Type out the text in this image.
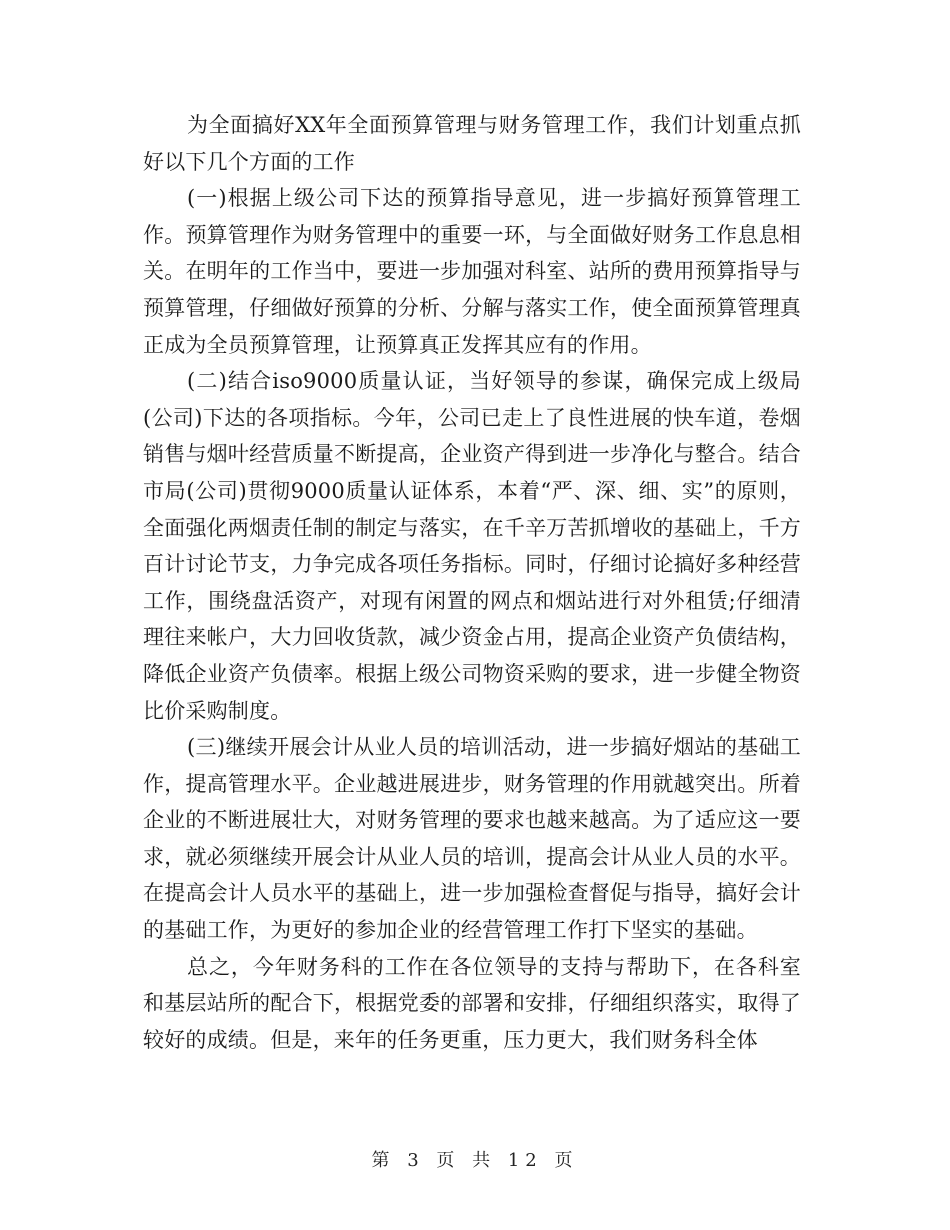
为全面搞好XX年全面预算管理与财务管理工作，我们计划重点抓好以下几个方面的工作

(一)根据上级公司下达的预算指导意见，进一步搞好预算管理工作。预算管理作为财务管理中的重要一环，与全面做好财务工作息息相关。在明年的工作当中，要进一步加强对科室、站所的费用预算指导与预算管理，仔细做好预算的分析、分解与落实工作，使全面预算管理真正成为全员预算管理，让预算真正发挥其应有的作用。

(二)结合iso9000质量认证，当好领导的参谋，确保完成上级局(公司)下达的各项指标。今年，公司已走上了良性进展的快车道，卷烟销售与烟叶经营质量不断提高，企业资产得到进一步净化与整合。结合市局(公司)贯彻9000质量认证体系，本着“严、深、细、实”的原则，全面强化两烟责任制的制定与落实，在千辛万苦抓增收的基础上，千方百计讨论节支，力争完成各项任务指标。同时，仔细讨论搞好多种经营工作，围绕盘活资产，对现有闲置的网点和烟站进行对外租赁;仔细清理往来帐户，大力回收货款，减少资金占用，提高企业资产负债结构，降低企业资产负债率。根据上级公司物资采购的要求，进一步健全物资比价采购制度。

(三)继续开展会计从业人员的培训活动，进一步搞好烟站的基础工作，提高管理水平。企业越进展进步，财务管理的作用就越突出。所着企业的不断进展壮大，对财务管理的要求也越来越高。为了适应这一要求，就必须继续开展会计从业人员的培训，提高会计从业人员的水平。在提高会计人员水平的基础上，进一步加强检查督促与指导，搞好会计的基础工作，为更好的参加企业的经营管理工作打下坚实的基础。

总之，今年财务科的工作在各位领导的支持与帮助下，在各科室和基层站所的配合下，根据党委的部署和安排，仔细组织落实，取得了较好的成绩。但是，来年的任务更重，压力更大，我们财务科全体

第 3 页 共 12 页
